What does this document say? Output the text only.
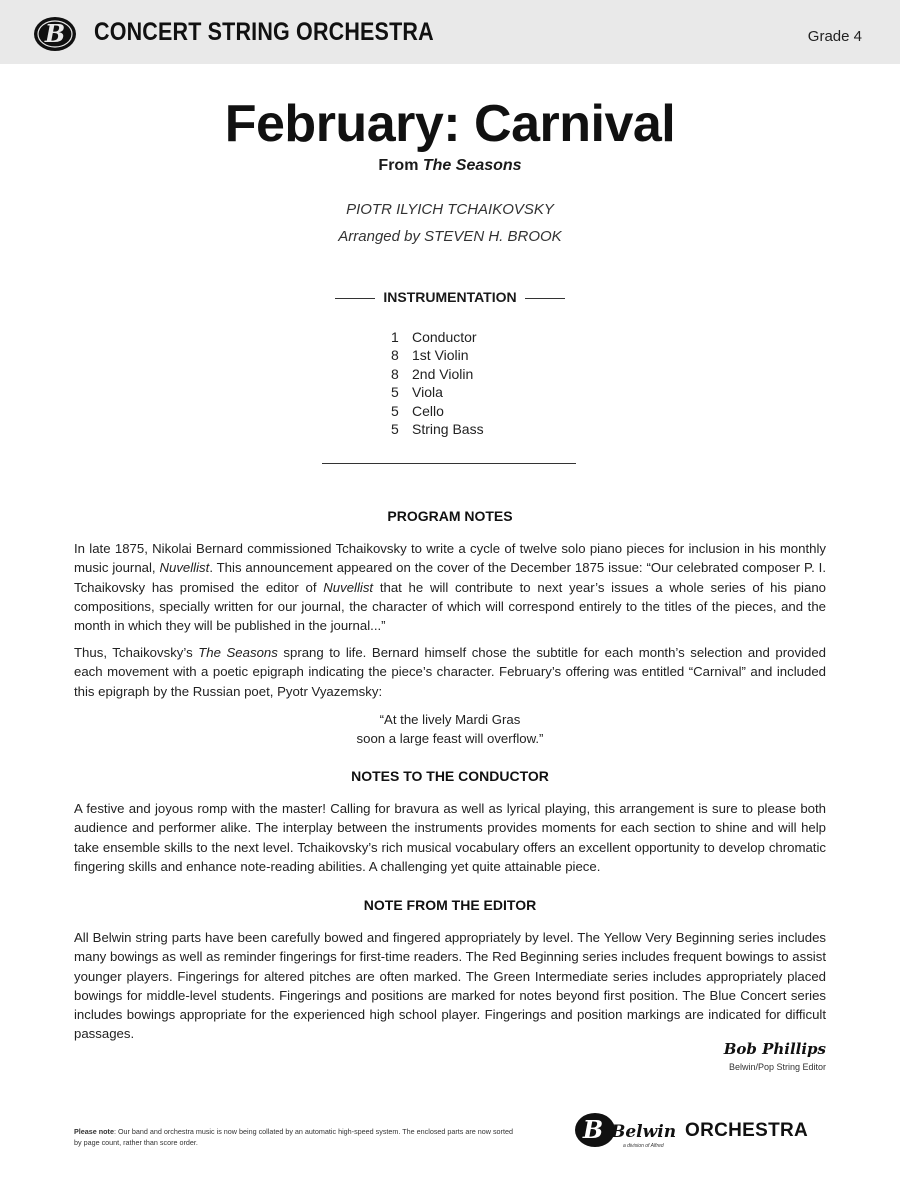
B CONCERT STRING ORCHESTRA	Grade 4
February: Carnival
From The Seasons
PIOTR ILYICH TCHAIKOVSKY
Arranged by STEVEN H. BROOK
INSTRUMENTATION
1 Conductor
8 1st Violin
8 2nd Violin
5 Viola
5 Cello
5 String Bass
PROGRAM NOTES
In late 1875, Nikolai Bernard commissioned Tchaikovsky to write a cycle of twelve solo piano pieces for inclusion in his monthly music journal, Nuvellist. This announcement appeared on the cover of the December 1875 issue: “Our celebrated composer P. I. Tchaikovsky has promised the editor of Nuvellist that he will contribute to next year’s issues a whole series of his piano compositions, specially written for our journal, the character of which will correspond entirely to the titles of the pieces, and the month in which they will be published in the journal...”
Thus, Tchaikovsky’s The Seasons sprang to life. Bernard himself chose the subtitle for each month’s selection and provided each movement with a poetic epigraph indicating the piece’s character. February’s offering was entitled “Carnival” and included this epigraph by the Russian poet, Pyotr Vyazemsky:
“At the lively Mardi Gras
soon a large feast will overflow.”
NOTES TO THE CONDUCTOR
A festive and joyous romp with the master! Calling for bravura as well as lyrical playing, this arrangement is sure to please both audience and performer alike. The interplay between the instruments provides moments for each section to shine and will help take ensemble skills to the next level. Tchaikovsky’s rich musical vocabulary offers an excellent opportunity to develop chromatic fingering skills and enhance note-reading abilities. A challenging yet quite attainable piece.
NOTE FROM THE EDITOR
All Belwin string parts have been carefully bowed and fingered appropriately by level. The Yellow Very Beginning series includes many bowings as well as reminder fingerings for first-time readers. The Red Beginning series includes frequent bowings to assist younger players. Fingerings for altered pitches are often marked. The Green Intermediate series includes appropriately placed bowings for middle-level students. Fingerings and positions are marked for notes beyond first position. The Blue Concert series includes bowings appropriate for the experienced high school player. Fingerings and position markings are indicated for difficult passages.
Bob Phillips
Belwin/Pop String Editor
Please note: Our band and orchestra music is now being collated by an automatic high-speed system. The enclosed parts are now sorted by page count, rather than score order.	B Belwin ORCHESTRA
a division of Alfred
